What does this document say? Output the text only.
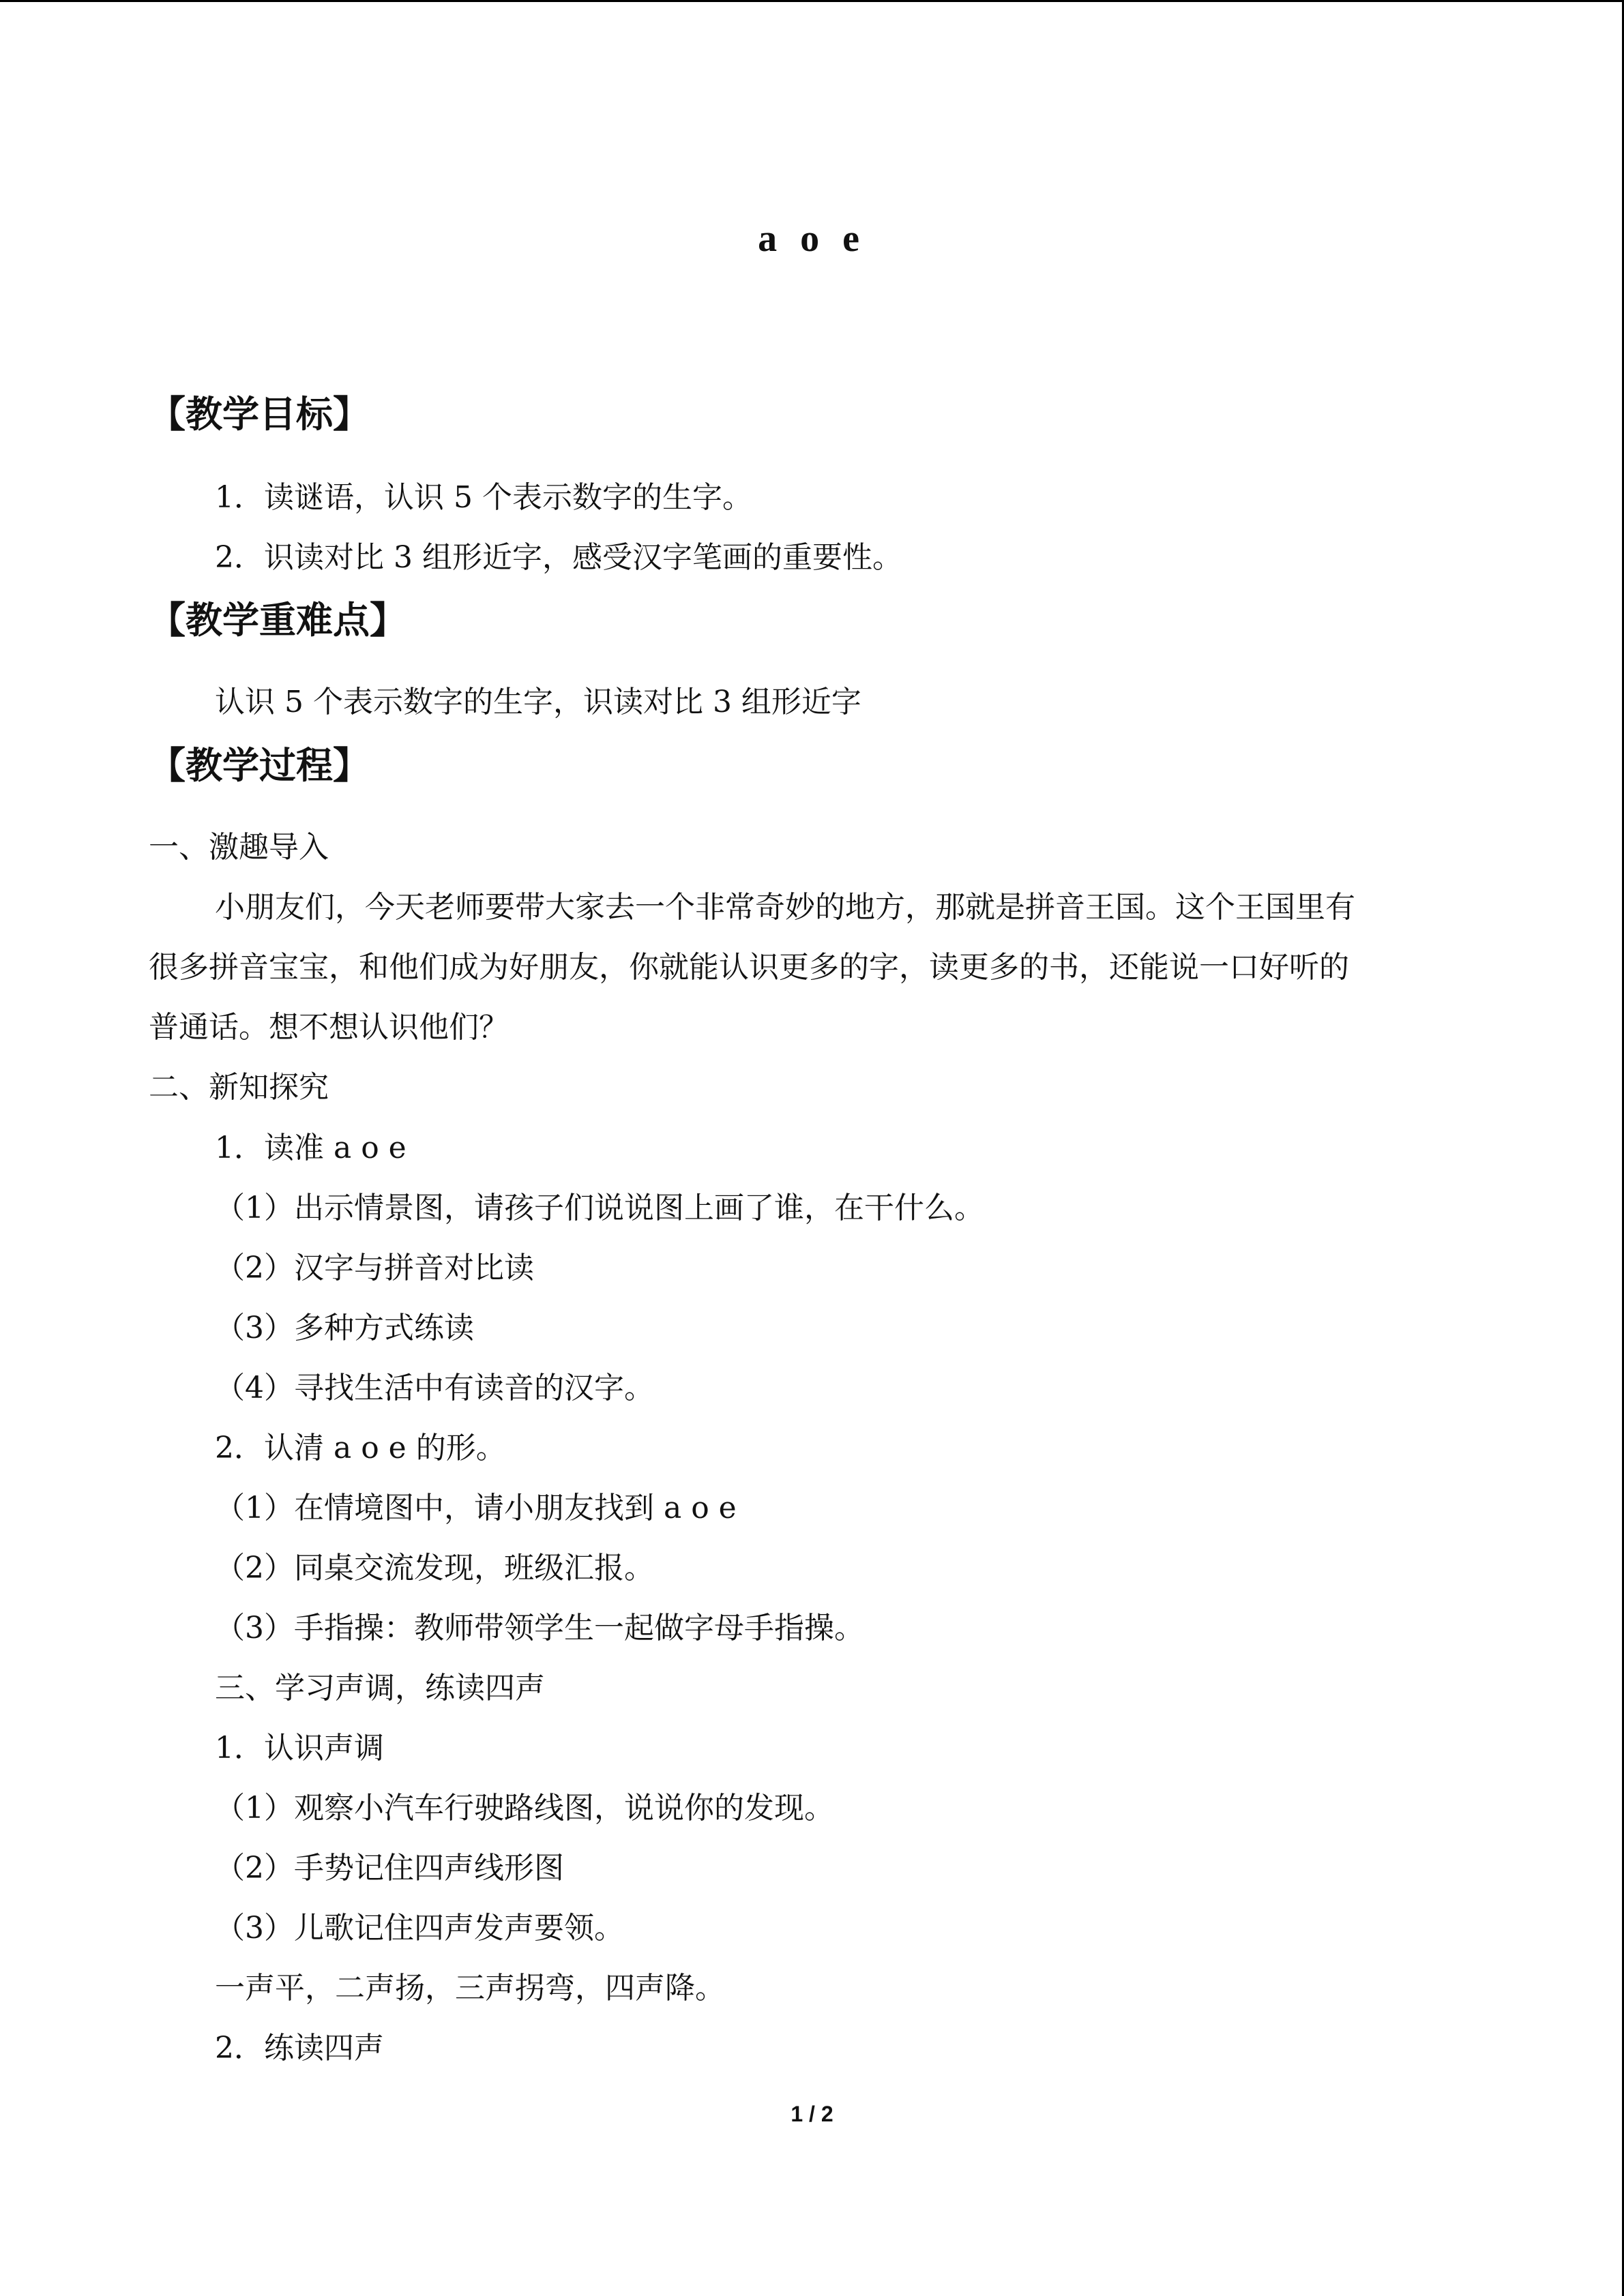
a o e
【教学目标】
1．读谜语，认识 5 个表示数字的生字。
2．识读对比 3 组形近字，感受汉字笔画的重要性。
【教学重难点】
认识 5 个表示数字的生字，识读对比 3 组形近字
【教学过程】
一、激趣导入
小朋友们，今天老师要带大家去一个非常奇妙的地方，那就是拼音王国。这个王国里有
很多拼音宝宝，和他们成为好朋友，你就能认识更多的字，读更多的书，还能说一口好听的
普通话。想不想认识他们？
二、新知探究
1．读准 a o e
（1）出示情景图，请孩子们说说图上画了谁，在干什么。
（2）汉字与拼音对比读
（3）多种方式练读
（4）寻找生活中有读音的汉字。
2．认清 a o e 的形。
（1）在情境图中，请小朋友找到 a o e
（2）同桌交流发现，班级汇报。
（3）手指操：教师带领学生一起做字母手指操。
三、学习声调，练读四声
1．认识声调
（1）观察小汽车行驶路线图，说说你的发现。
（2）手势记住四声线形图
（3）儿歌记住四声发声要领。
一声平，二声扬，三声拐弯，四声降。
2．练读四声
1 / 2
